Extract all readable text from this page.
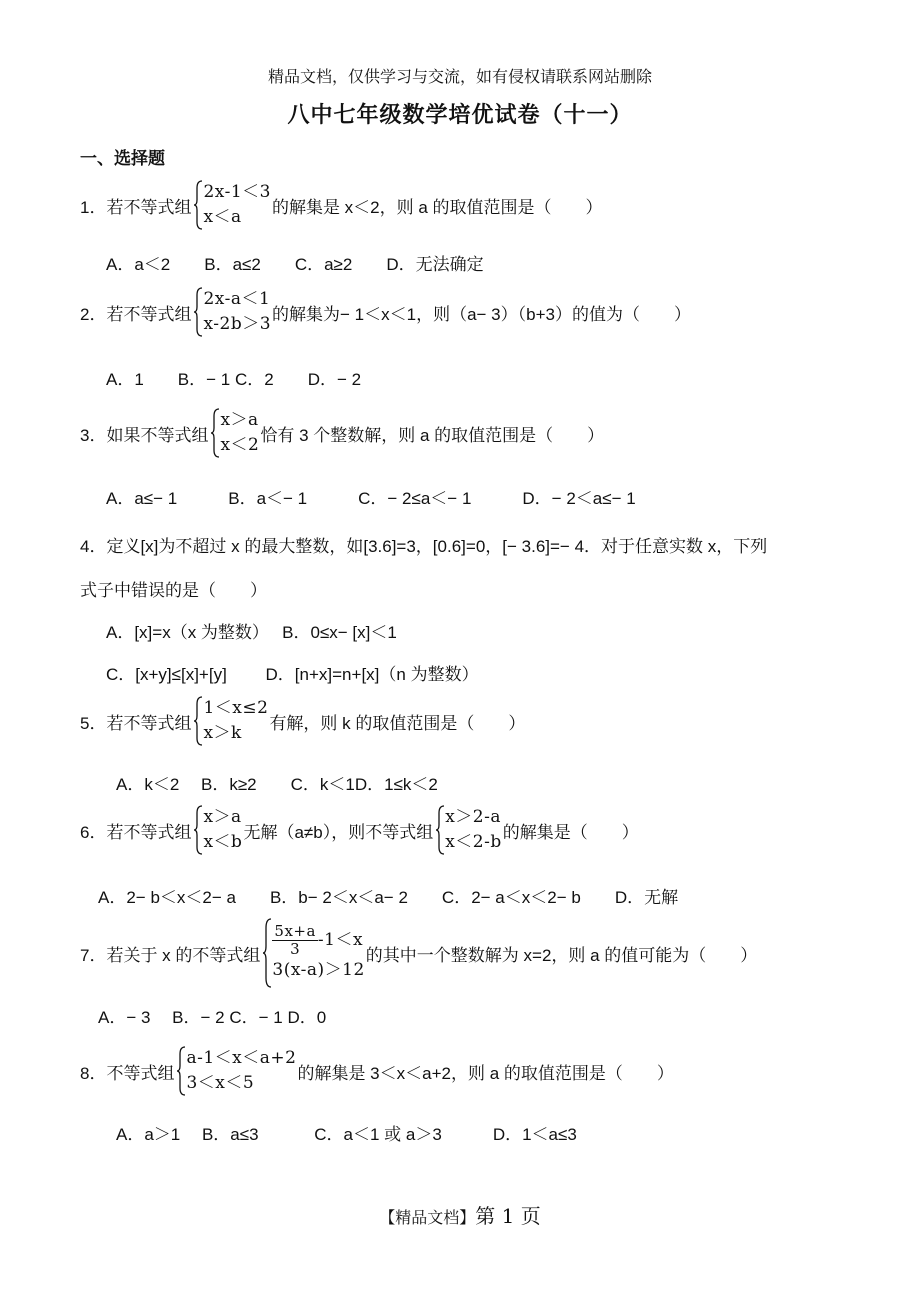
精品文档，仅供学习与交流，如有侵权请联系网站删除
八中七年级数学培优试卷（十一）
一、选择题
1．若不等式组
2x-1＜3
x＜a	的解集是 x＜2，则 a 的取值范围是（　　）
A．a＜2　　B．a≤2　　C．a≥2　　D．无法确定
2．若不等式组
2x-a＜1
x-2b＞3 的解集为− 1＜x＜1，则（a− 3）（b+3）的值为（　　）
A．1　　B．− 1 C．2　　D．− 2
3．如果不等式组
x＞a
x＜2 恰有 3 个整数解，则 a 的取值范围是（　　）
A．a≤− 1　　　B．a＜− 1　　　C．− 2≤a＜− 1　　　D．− 2＜a≤− 1
4．定义[x]为不超过 x 的最大整数，如[3.6]=3，[0.6]=0，[− 3.6]=− 4．对于任意实数 x，下列
式子中错误的是（　　）
A．[x]=x（x 为整数）　 B．0≤x− [x]＜1
C．[x+y]≤[x]+[y]　　 D．[n+x]=n+[x]（n 为整数）
5．若不等式组
1＜x≤2
x＞k	有解，则 k 的取值范围是（　　）
A．k＜2　 B．k≥2　　C．k＜1D．1≤k＜2
6．若不等式组
x＞a
x＜b 无解（a≠b），则不等式组
x＞2-a
x＜2-b 的解集是（　　）
A．2− b＜x＜2− a　　B．b− 2＜x＜a− 2　　C．2− a＜x＜2− b　　D．无解
7．若关于 x 的不等式组 $\frac{5x+a}{3} -1<x$
3(x-a)＞12
的其中一个整数解为 x=2，则 a 的值可能为（　　）
A．− 3　 B．− 2 C．− 1 D．0
8．不等式组
a-1＜x＜a+2
3＜x＜5	的解集是 3＜x＜a+2，则 a 的取值范围是（　　）
A．a＞1　 B．a≤3　　　 C．a＜1 或 a＞3　　　D．1＜a≤3
【精品文档】第 1 页
